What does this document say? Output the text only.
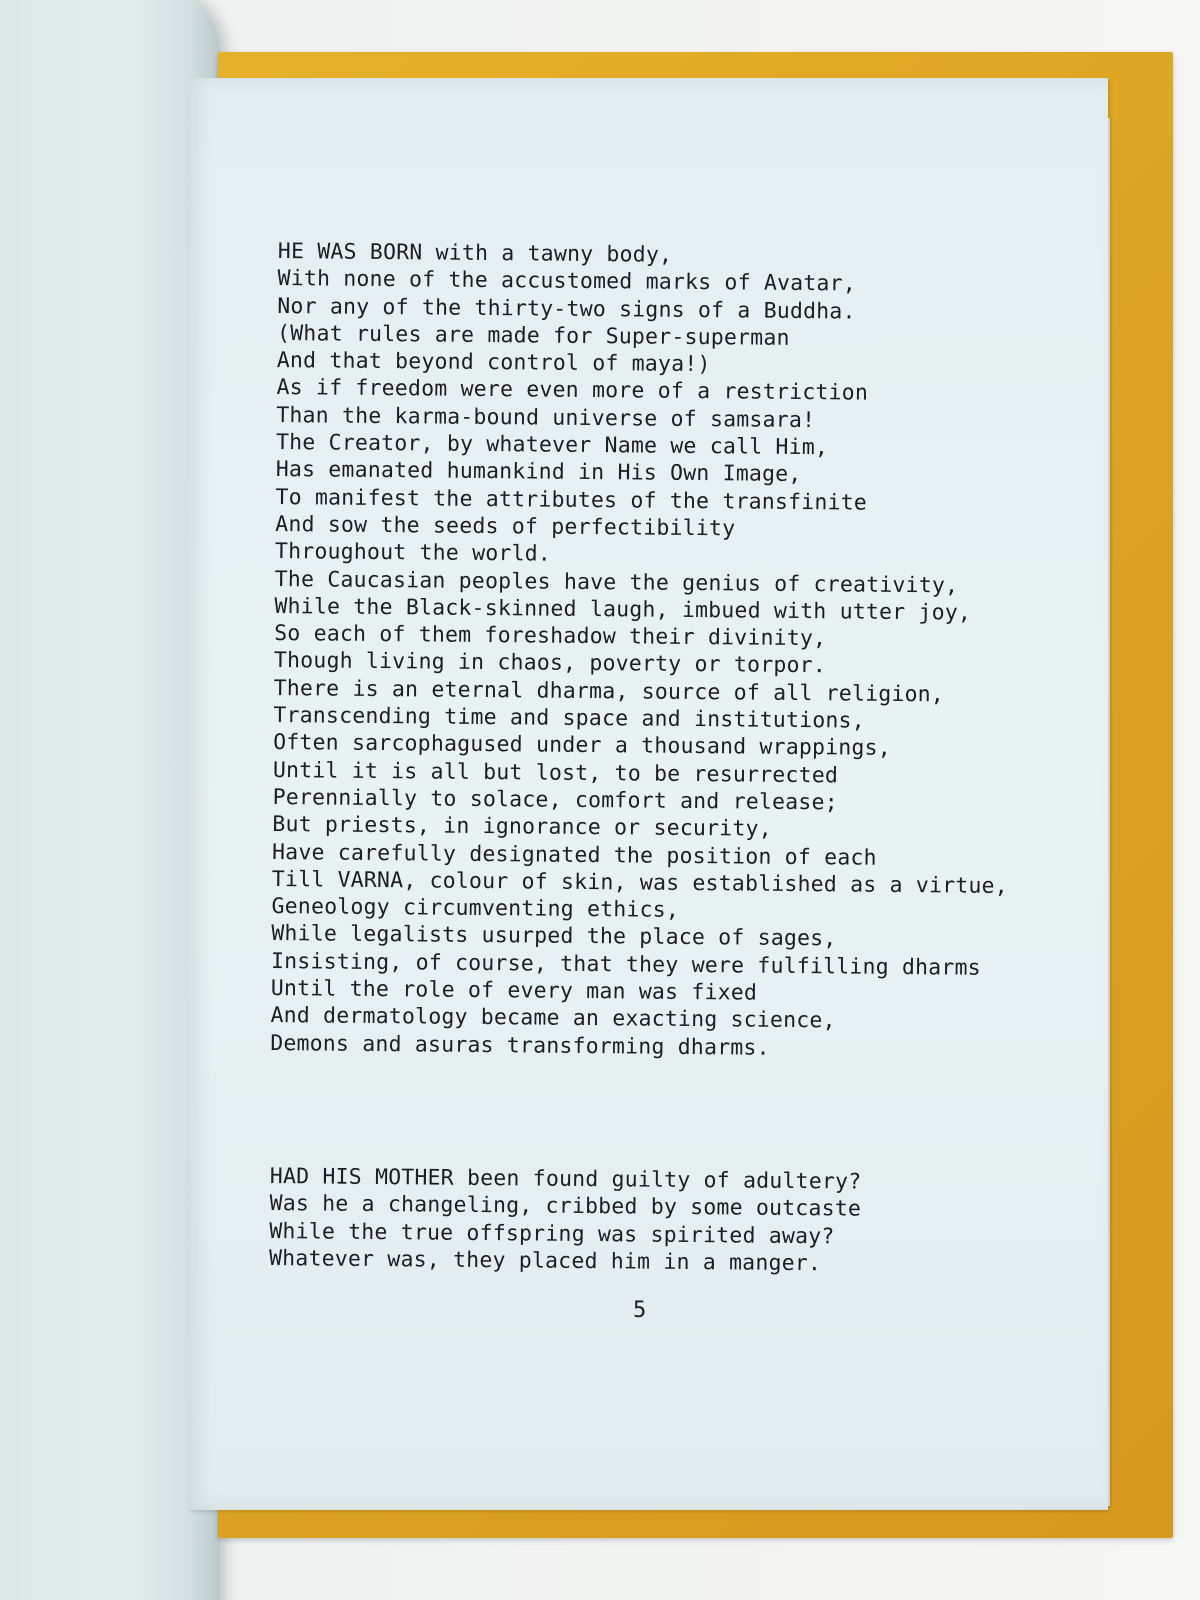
HE WAS BORN with a tawny body,
With none of the accustomed marks of Avatar,
Nor any of the thirty-two signs of a Buddha.
(What rules are made for Super-superman
And that beyond control of maya!)
As if freedom were even more of a restriction
Than the karma-bound universe of samsara!
The Creator, by whatever Name we call Him,
Has emanated humankind in His Own Image,
To manifest the attributes of the transfinite
And sow the seeds of perfectibility
Throughout the world.
The Caucasian peoples have the genius of creativity,
While the Black-skinned laugh, imbued with utter joy,
So each of them foreshadow their divinity,
Though living in chaos, poverty or torpor.
There is an eternal dharma, source of all religion,
Transcending time and space and institutions,
Often sarcophagused under a thousand wrappings,
Until it is all but lost, to be resurrected
Perennially to solace, comfort and release;
But priests, in ignorance or security,
Have carefully designated the position of each
Till VARNA, colour of skin, was established as a virtue,
Geneology circumventing ethics,
While legalists usurped the place of sages,
Insisting, of course, that they were fulfilling dharms
Until the role of every man was fixed
And dermatology became an exacting science,
Demons and asuras transforming dharms.
HAD HIS MOTHER been found guilty of adultery?
Was he a changeling, cribbed by some outcaste
While the true offspring was spirited away?
Whatever was, they placed him in a manger.
5
